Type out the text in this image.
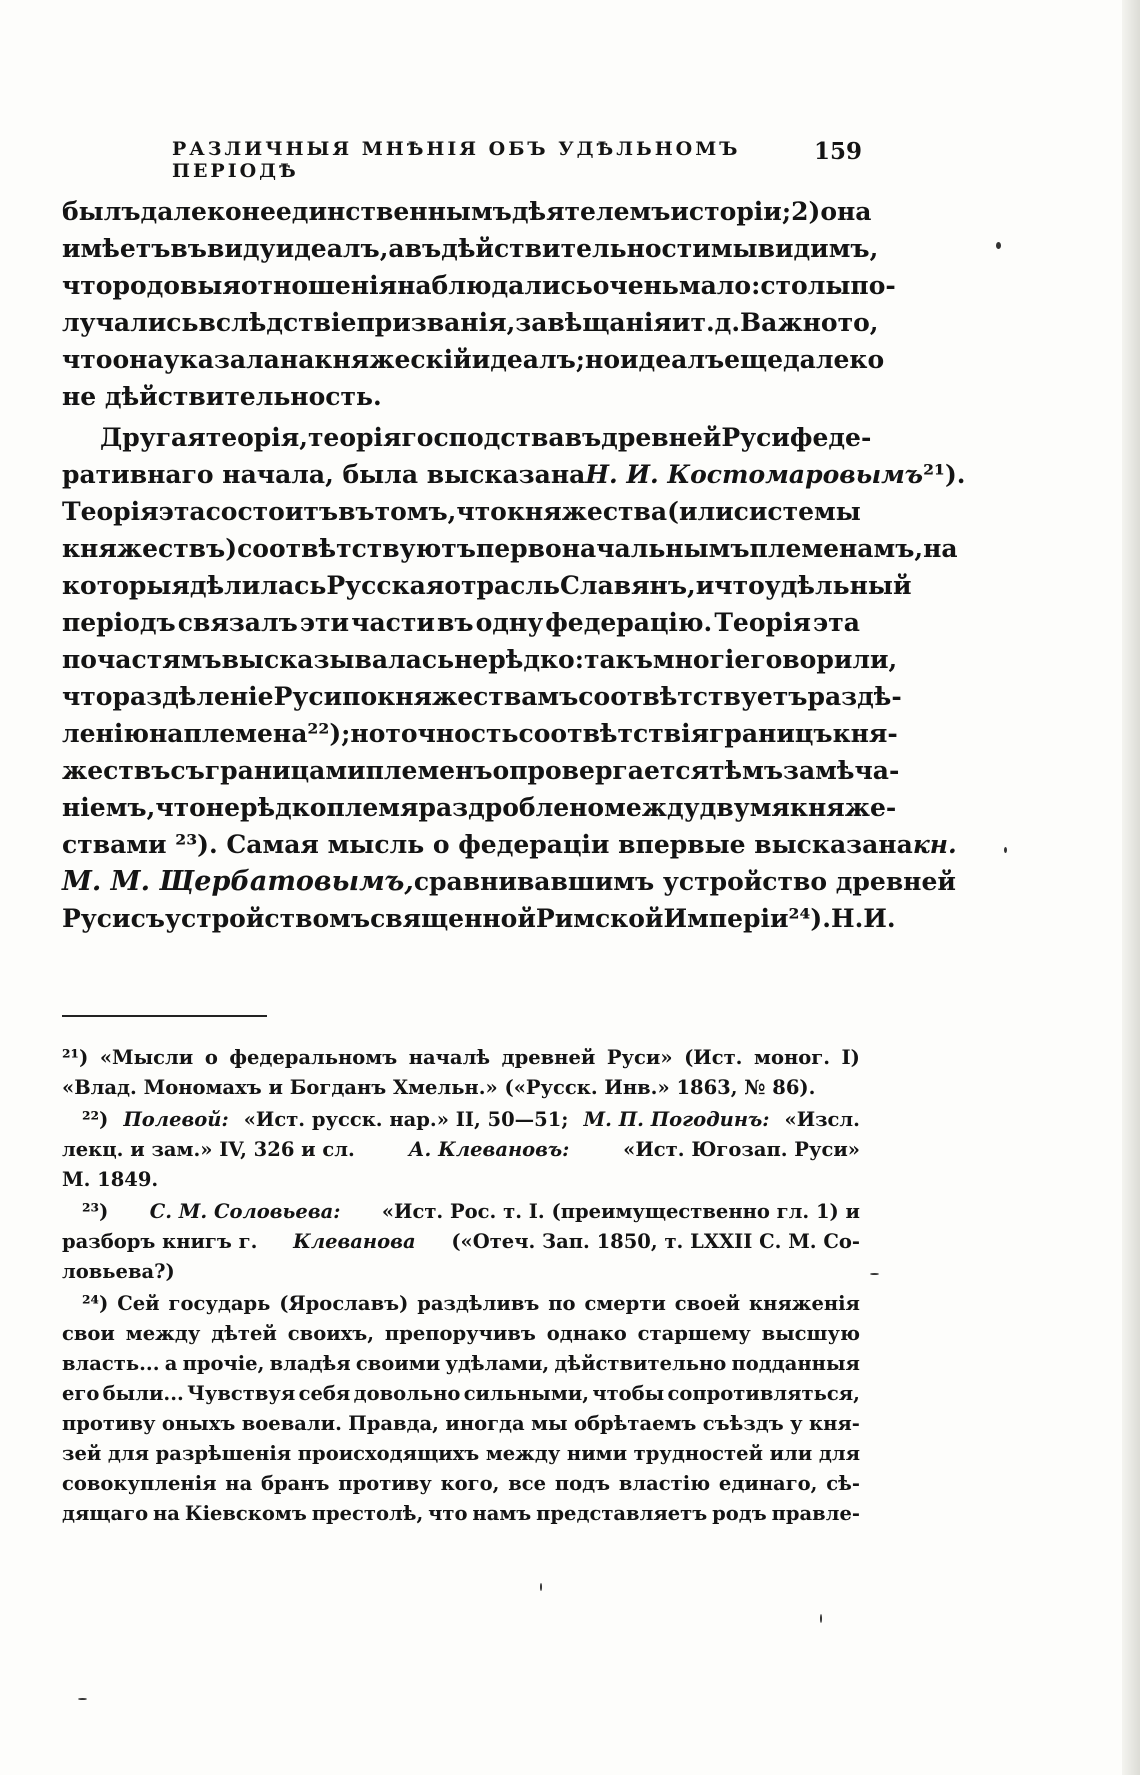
РАЗЛИЧНЫЯ МНѢНІЯ ОБЪ УДѢЛЬНОМЪ ПЕРІОДѢ
159
былъ далеко не единственнымъ дѣятелемъ исторіи; 2) она
имѣетъ въ виду идеалъ, а въ дѣйствительности мы видимъ,
что родовыя отношенія наблюдались очень мало: столы по-
лучались вслѣдствіе призванія, завѣщанія и т. д. Важно то,
что она указала на княжескій идеалъ; но идеалъ еще далеко
не дѣйствительность.
Другая теорія, теорія господства въ древней Руси феде-
ративнаго начала, была высказана Н. И. Костомаровымъ ²¹).
Теорія эта состоитъ въ томъ, что княжества (или системы
княжествъ) соотвѣтствуютъ первоначальнымъ племенамъ, на
которыя дѣлилась Русская отрасль Славянъ, и что удѣльный
періодъ связалъ эти части въ одну федерацію. Теорія эта
по частямъ высказывалась нерѣдко: такъ многіе говорили,
что раздѣленіе Руси по княжествамъ соотвѣтствуетъ раздѣ-
ленію на племена ²²); но точность соотвѣтствія границъ кня-
жествъ съ границами племенъ опровергается тѣмъ замѣча-
ніемъ, что нерѣдко племя раздроблено между двумя княже-
ствами ²³). Самая мысль о федераціи впервые высказана кн.
М. М. Щербатовымъ, сравнивавшимъ устройство древней
Руси съ устройствомъ священной Римской Имперіи ²⁴). Н. И.
²¹) «Мысли о федеральномъ началѣ древней Руси» (Ист. моног. I)
«Влад. Мономахъ и Богданъ Хмельн.» («Русск. Инв.» 1863, № 86).
²²) Полевой: «Ист. русск. нар.» II, 50—51; М. П. Погодинъ: «Изсл.
лекц. и зам.» IV, 326 и сл.	А. Клевановъ:	«Ист. Югозап. Руси»
М. 1849.
²³) С. М. Соловьева: «Ист. Рос. т. I. (преимущественно гл. 1) и
разборъ книгъ г. Клеванова («Отеч. Зап. 1850, т. LXXII С. М. Со-
ловьева?)
²⁴) Сей государь (Ярославъ) раздѣливъ по смерти своей княженія
свои между дѣтей своихъ, препоручивъ однако старшему высшую
власть... а прочіе, владѣя своими удѣлами, дѣйствительно подданныя
его были... Чувствуя себя довольно сильными, чтобы сопротивляться,
противу оныхъ воевали. Правда, иногда мы обрѣтаемъ съѣздъ у кня-
зей для разрѣшенія происходящихъ между ними трудностей или для
совокупленія на бранъ противу кого, все подъ властію единаго, сѣ-
дящаго на Кіевскомъ престолѣ, что намъ представляетъ родъ правле-
